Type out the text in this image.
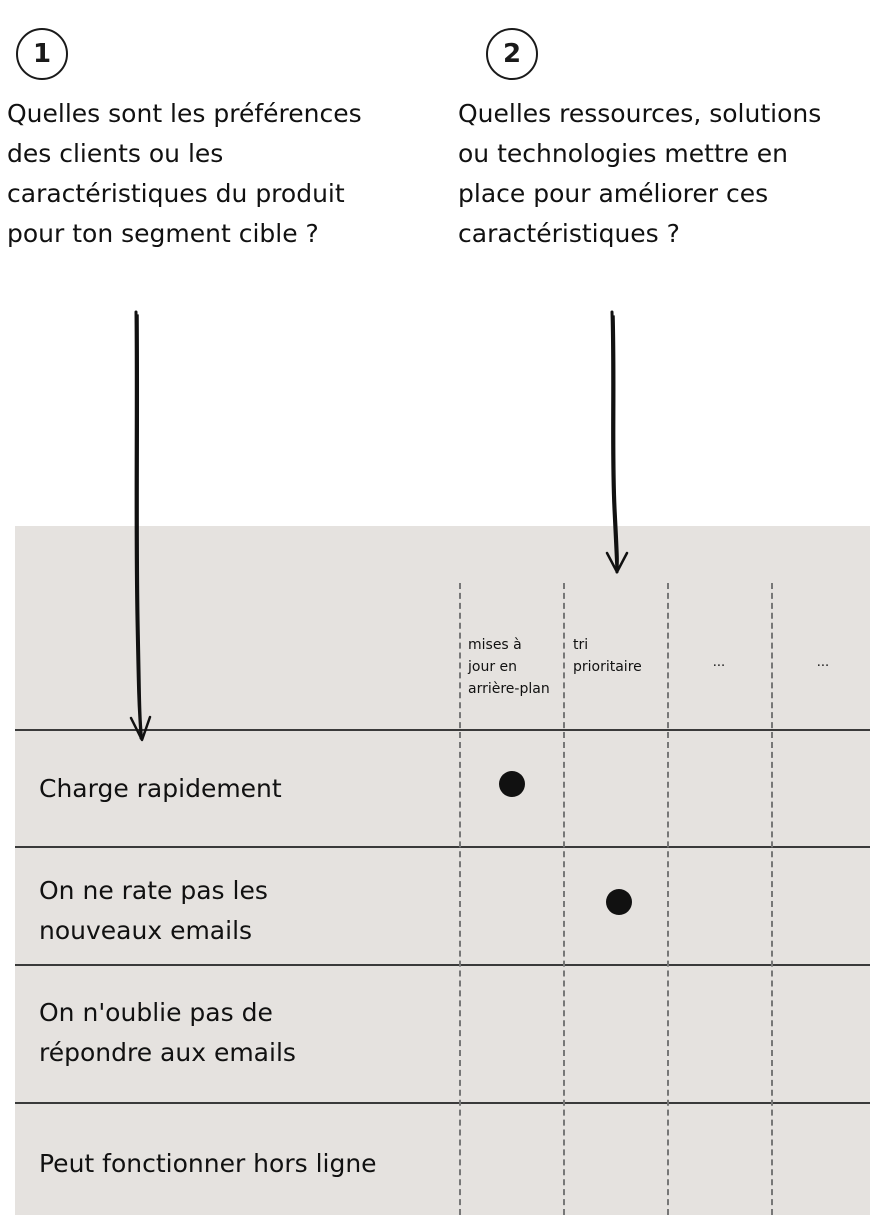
1

Quelles sont les préférences
des clients ou les
caractéristiques du produit
pour ton segment cible ?

2

Quelles ressources, solutions
ou technologies mettre en
place pour améliorer ces
caractéristiques ?

mises à
jour en
arrière-plan
tri
prioritaire	...	...
Charge rapidement
On ne rate pas les
nouveaux emails
On n'oublie pas de
répondre aux emails
Peut fonctionner hors ligne
